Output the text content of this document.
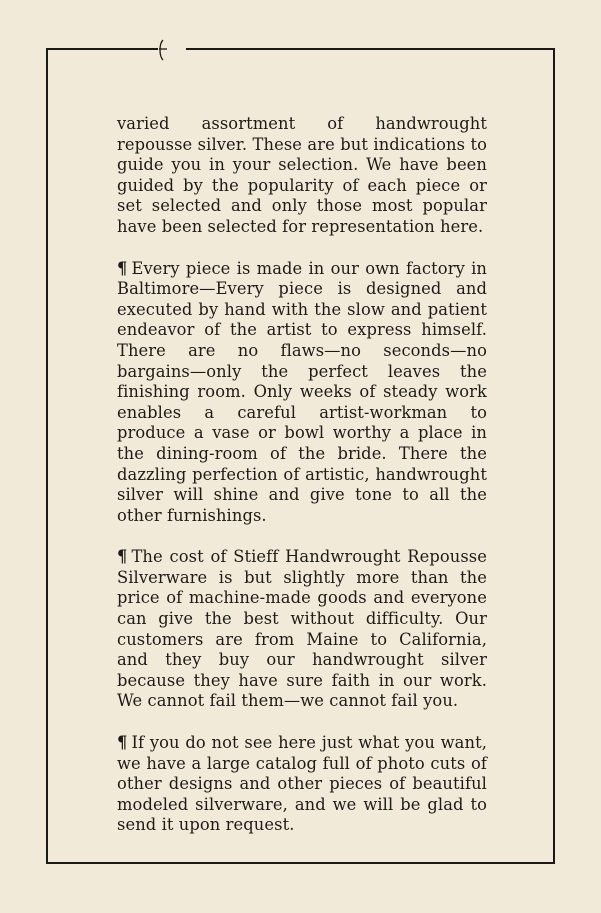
varied assortment of handwrought repousse silver. These are but indications to guide you in your selection. We have been guided by the popularity of each piece or set selected and only those most popular have been selected for representation here.

¶ Every piece is made in our own factory in Baltimore—Every piece is designed and executed by hand with the slow and patient endeavor of the artist to express himself. There are no flaws—no seconds—no bargains—only the perfect leaves the finishing room. Only weeks of steady work enables a careful artist-workman to produce a vase or bowl worthy a place in the dining-room of the bride. There the dazzling perfection of artistic, handwrought silver will shine and give tone to all the other furnishings.

¶ The cost of Stieff Handwrought Repousse Silverware is but slightly more than the price of machine-made goods and everyone can give the best without difficulty. Our customers are from Maine to California, and they buy our handwrought silver because they have sure faith in our work. We cannot fail them—we cannot fail you.

¶ If you do not see here just what you want, we have a large catalog full of photo cuts of other designs and other pieces of beautiful modeled silverware, and we will be glad to send it upon request.
